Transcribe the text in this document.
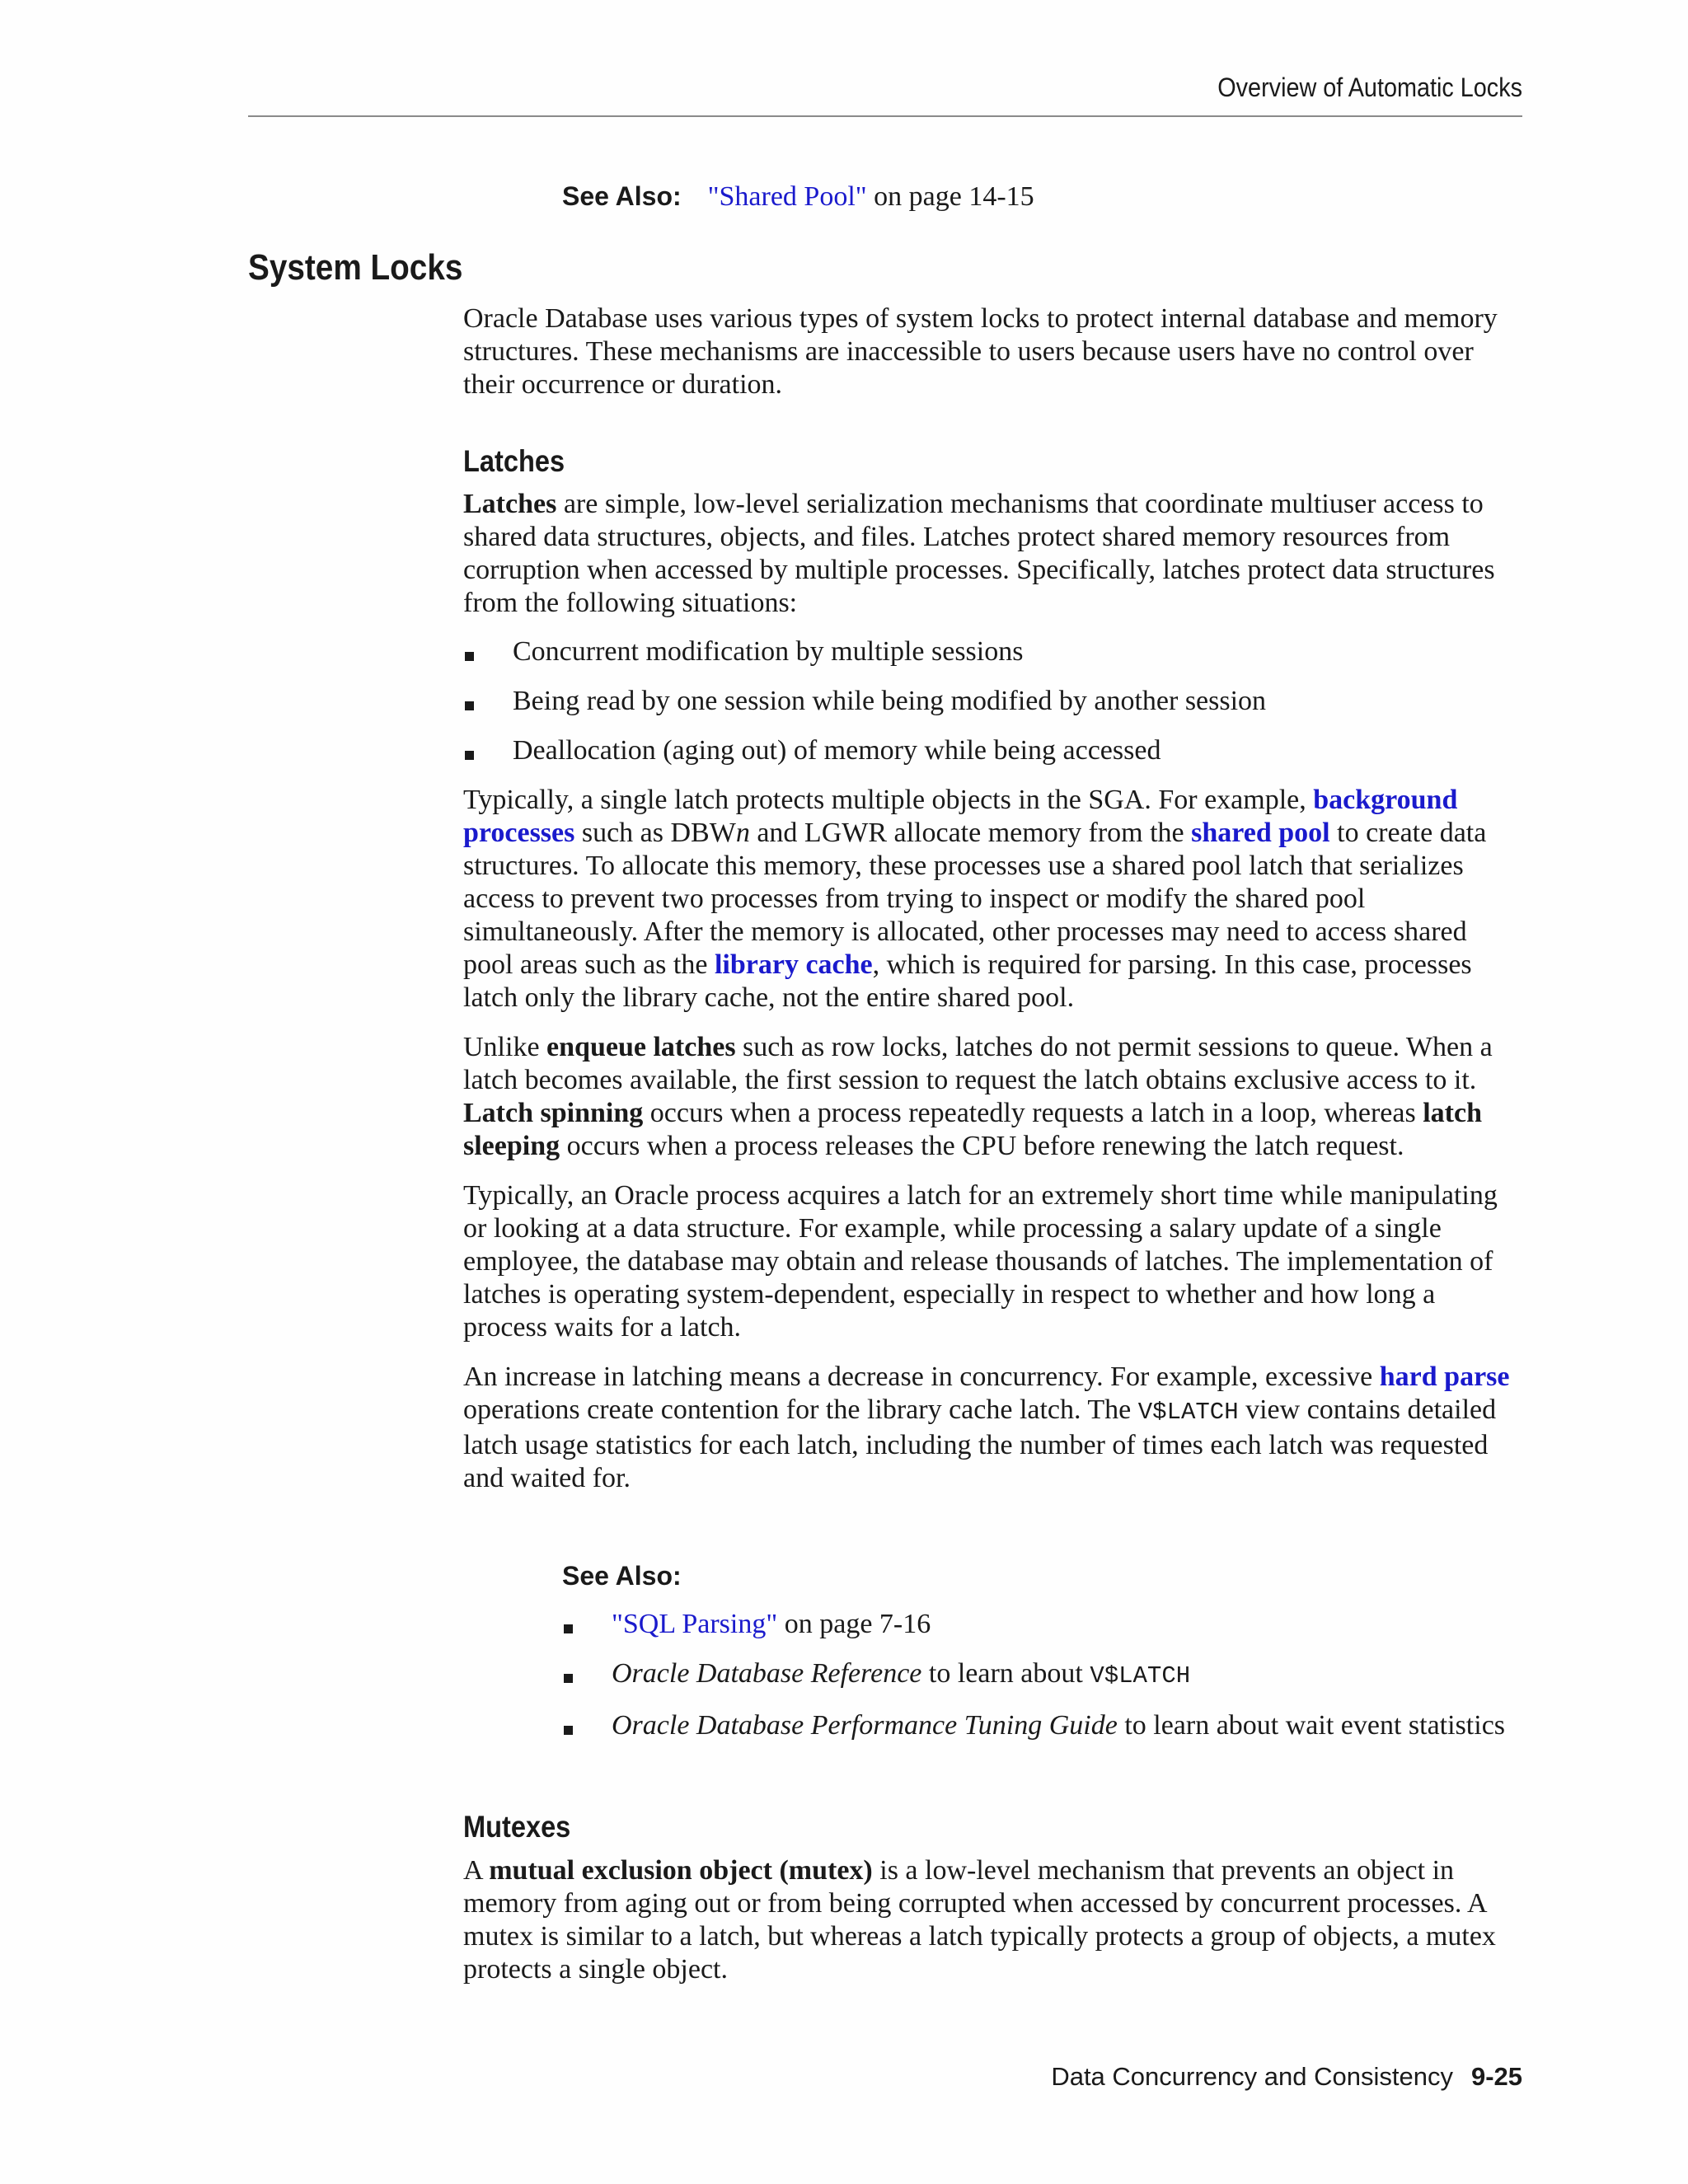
Overview of Automatic Locks
See Also: "Shared Pool" on page 14-15
System Locks

Oracle Database uses various types of system locks to protect internal database and memory structures. These mechanisms are inaccessible to users because users have no control over their occurrence or duration.

Latches

Latches are simple, low-level serialization mechanisms that coordinate multiuser access to shared data structures, objects, and files. Latches protect shared memory resources from corruption when accessed by multiple processes. Specifically, latches protect data structures from the following situations:

Concurrent modification by multiple sessions
Being read by one session while being modified by another session
Deallocation (aging out) of memory while being accessed

Typically, a single latch protects multiple objects in the SGA. For example, background processes such as DBWn and LGWR allocate memory from the shared pool to create data structures. To allocate this memory, these processes use a shared pool latch that serializes access to prevent two processes from trying to inspect or modify the shared pool simultaneously. After the memory is allocated, other processes may need to access shared pool areas such as the library cache, which is required for parsing. In this case, processes latch only the library cache, not the entire shared pool.

Unlike enqueue latches such as row locks, latches do not permit sessions to queue. When a latch becomes available, the first session to request the latch obtains exclusive access to it. Latch spinning occurs when a process repeatedly requests a latch in a loop, whereas latch sleeping occurs when a process releases the CPU before renewing the latch request.

Typically, an Oracle process acquires a latch for an extremely short time while manipulating or looking at a data structure. For example, while processing a salary update of a single employee, the database may obtain and release thousands of latches. The implementation of latches is operating system-dependent, especially in respect to whether and how long a process waits for a latch.

An increase in latching means a decrease in concurrency. For example, excessive hard parse operations create contention for the library cache latch. The V$LATCH view contains detailed latch usage statistics for each latch, including the number of times each latch was requested and waited for.

See Also:
"SQL Parsing" on page 7-16
Oracle Database Reference to learn about V$LATCH
Oracle Database Performance Tuning Guide to learn about wait event statistics
Mutexes

A mutual exclusion object (mutex) is a low-level mechanism that prevents an object in memory from aging out or from being corrupted when accessed by concurrent processes. A mutex is similar to a latch, but whereas a latch typically protects a group of objects, a mutex protects a single object.

Data Concurrency and Consistency 9-25
